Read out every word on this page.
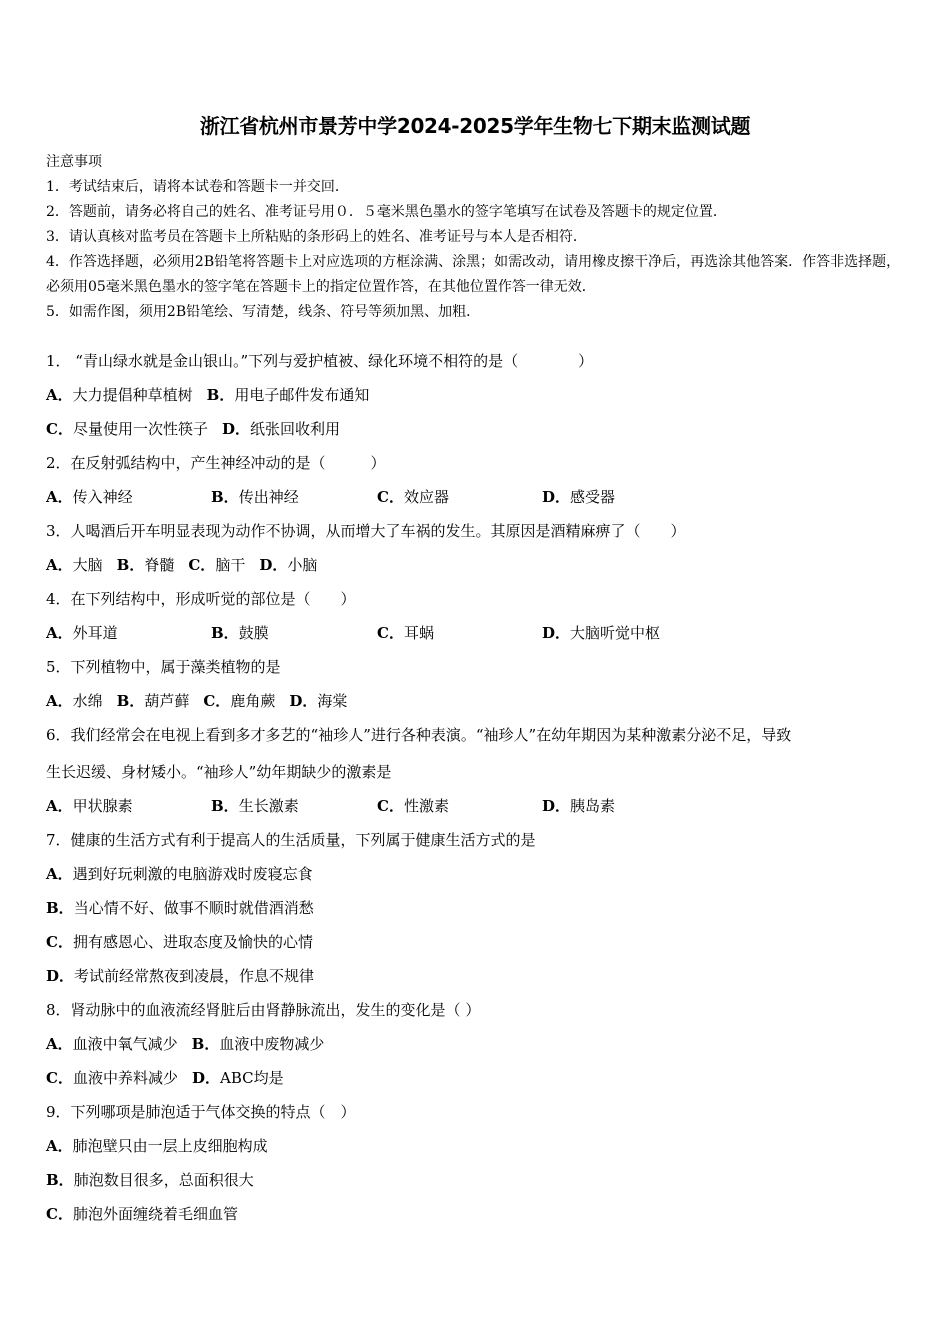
浙江省杭州市景芳中学2024-2025学年生物七下期末监测试题
注意事项
1．考试结束后，请将本试卷和答题卡一并交回．
2．答题前，请务必将自己的姓名、准考证号用０．５毫米黑色墨水的签字笔填写在试卷及答题卡的规定位置．
3．请认真核对监考员在答题卡上所粘贴的条形码上的姓名、准考证号与本人是否相符．
4．作答选择题，必须用2B铅笔将答题卡上对应选项的方框涂满、涂黑；如需改动，请用橡皮擦干净后，再选涂其他答案．作答非选择题，必须用05毫米黑色墨水的签字笔在答题卡上的指定位置作答，在其他位置作答一律无效．
5．如需作图，须用2B铅笔绘、写清楚，线条、符号等须加黑、加粗．
1． “青山绿水就是金山银山。”下列与爱护植被、绿化环境不相符的是（　　　　）
A．大力提倡种草植树 B．用电子邮件发布通知
C．尽量使用一次性筷子 D．纸张回收利用
2．在反射弧结构中，产生神经冲动的是（　　　）
A．传入神经	B．传出神经	C．效应器	D．感受器
3．人喝酒后开车明显表现为动作不协调，从而增大了车祸的发生。其原因是酒精麻痹了（　　）
A．大脑 B．脊髓 C．脑干 D．小脑
4．在下列结构中，形成听觉的部位是（　　）
A．外耳道	B．鼓膜	C．耳蜗	D．大脑听觉中枢
5．下列植物中，属于藻类植物的是
A．水绵 B．葫芦藓 C．鹿角蕨 D．海棠
6．我们经常会在电视上看到多才多艺的“袖珍人”进行各种表演。“袖珍人”在幼年期因为某种激素分泌不足，导致
生长迟缓、身材矮小。“袖珍人”幼年期缺少的激素是
A．甲状腺素	B．生长激素	C．性激素	D．胰岛素
7．健康的生活方式有利于提高人的生活质量，下列属于健康生活方式的是
A．遇到好玩刺激的电脑游戏时废寝忘食
B．当心情不好、做事不顺时就借酒消愁
C．拥有感恩心、进取态度及愉快的心情
D．考试前经常熬夜到凌晨，作息不规律
8．肾动脉中的血液流经肾脏后由肾静脉流出，发生的变化是（ ）
A．血液中氧气减少 B．血液中废物减少
C．血液中养料减少 D．ABC均是
9．下列哪项是肺泡适于气体交换的特点（　）
A．肺泡壁只由一层上皮细胞构成
B．肺泡数目很多，总面积很大
C．肺泡外面缠绕着毛细血管
